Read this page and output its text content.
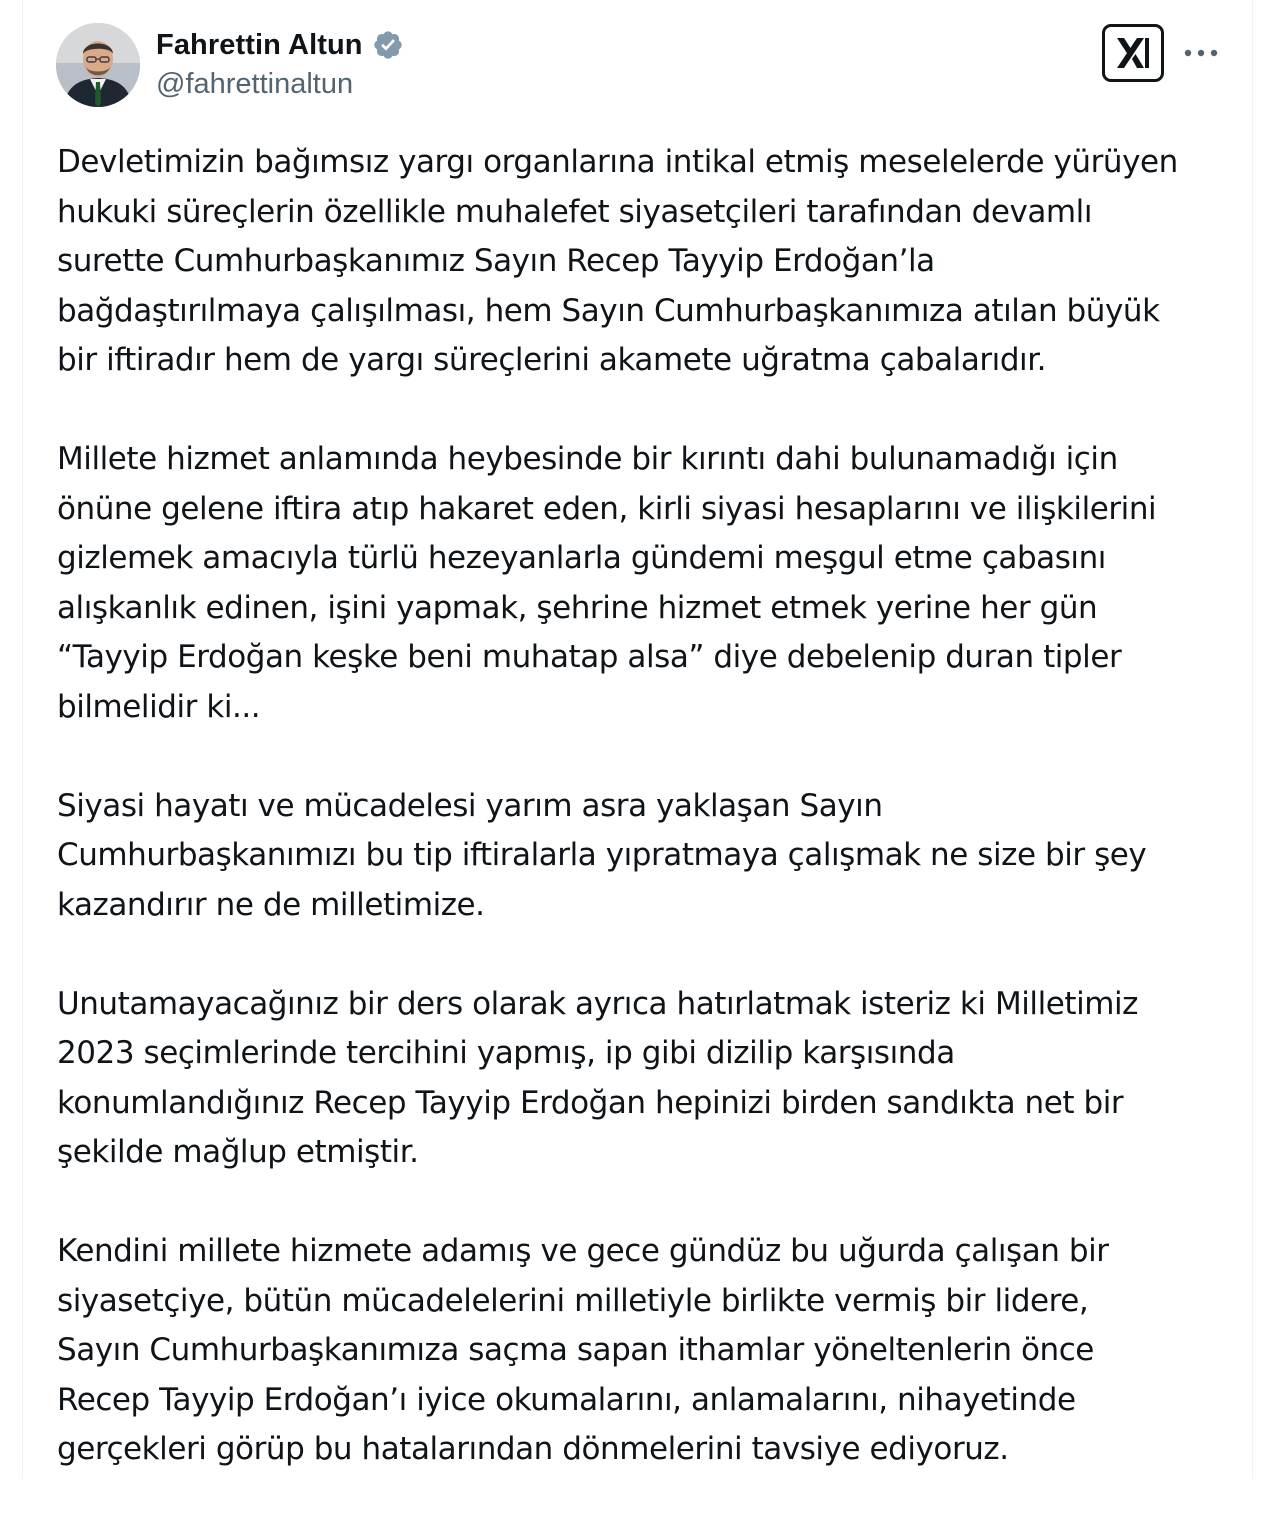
Fahrettin Altun
@fahrettinaltun
Devletimizin bağımsız yargı organlarına intikal etmiş meselelerde yürüyen
hukuki süreçlerin özellikle muhalefet siyasetçileri tarafından devamlı
surette Cumhurbaşkanımız Sayın Recep Tayyip Erdoğan’la
bağdaştırılmaya çalışılması, hem Sayın Cumhurbaşkanımıza atılan büyük
bir iftiradır hem de yargı süreçlerini akamete uğratma çabalarıdır.
Millete hizmet anlamında heybesinde bir kırıntı dahi bulunamadığı için
önüne gelene iftira atıp hakaret eden, kirli siyasi hesaplarını ve ilişkilerini
gizlemek amacıyla türlü hezeyanlarla gündemi meşgul etme çabasını
alışkanlık edinen, işini yapmak, şehrine hizmet etmek yerine her gün
“Tayyip Erdoğan keşke beni muhatap alsa” diye debelenip duran tipler
bilmelidir ki...
Siyasi hayatı ve mücadelesi yarım asra yaklaşan Sayın
Cumhurbaşkanımızı bu tip iftiralarla yıpratmaya çalışmak ne size bir şey
kazandırır ne de milletimize.
Unutamayacağınız bir ders olarak ayrıca hatırlatmak isteriz ki Milletimiz
2023 seçimlerinde tercihini yapmış, ip gibi dizilip karşısında
konumlandığınız Recep Tayyip Erdoğan hepinizi birden sandıkta net bir
şekilde mağlup etmiştir.
Kendini millete hizmete adamış ve gece gündüz bu uğurda çalışan bir
siyasetçiye, bütün mücadelelerini milletiyle birlikte vermiş bir lidere,
Sayın Cumhurbaşkanımıza saçma sapan ithamlar yöneltenlerin önce
Recep Tayyip Erdoğan’ı iyice okumalarını, anlamalarını, nihayetinde
gerçekleri görüp bu hatalarından dönmelerini tavsiye ediyoruz.
